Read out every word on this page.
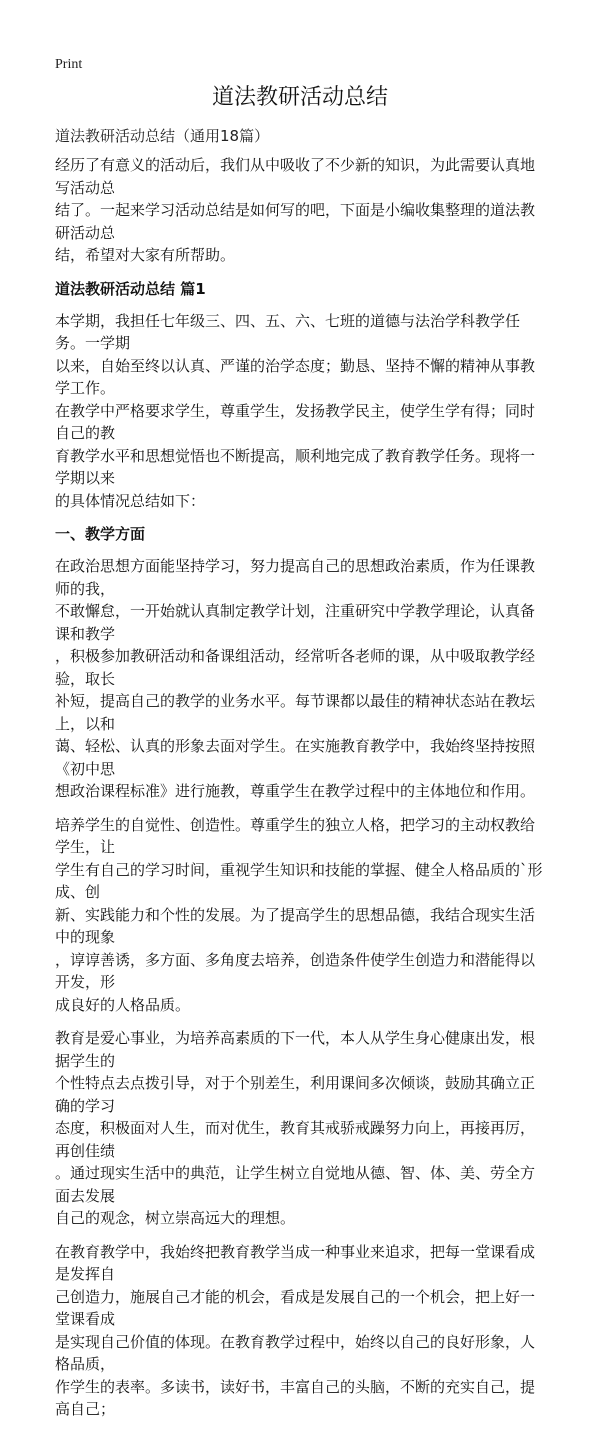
Print
道法教研活动总结
道法教研活动总结（通用18篇）
经历了有意义的活动后，我们从中吸收了不少新的知识，为此需要认真地写活动总
结了。一起来学习活动总结是如何写的吧，下面是小编收集整理的道法教研活动总
结，希望对大家有所帮助。
道法教研活动总结 篇1
本学期，我担任七年级三、四、五、六、七班的道德与法治学科教学任务。一学期
以来，自始至终以认真、严谨的治学态度；勤恳、坚持不懈的精神从事教学工作。
在教学中严格要求学生，尊重学生，发扬教学民主，使学生学有得；同时自己的教
育教学水平和思想觉悟也不断提高，顺利地完成了教育教学任务。现将一学期以来
的具体情况总结如下：
一、教学方面
在政治思想方面能坚持学习，努力提高自己的思想政治素质，作为任课教师的我，
不敢懈怠，一开始就认真制定教学计划，注重研究中学教学理论，认真备课和教学
，积极参加教研活动和备课组活动，经常听各老师的课，从中吸取教学经验，取长
补短，提高自己的教学的业务水平。每节课都以最佳的精神状态站在教坛上，以和
蔼、轻松、认真的形象去面对学生。在实施教育教学中，我始终坚持按照《初中思
想政治课程标准》进行施教，尊重学生在教学过程中的主体地位和作用。
培养学生的自觉性、创造性。尊重学生的独立人格，把学习的主动权教给学生，让
学生有自己的学习时间，重视学生知识和技能的掌握、健全人格品质的`形成、创
新、实践能力和个性的发展。为了提高学生的思想品德，我结合现实生活中的现象
，谆谆善诱，多方面、多角度去培养，创造条件使学生创造力和潜能得以开发，形
成良好的人格品质。
教育是爱心事业，为培养高素质的下一代，本人从学生身心健康出发，根据学生的
个性特点去点拨引导，对于个别差生，利用课间多次倾谈，鼓励其确立正确的学习
态度，积极面对人生，而对优生，教育其戒骄戒躁努力向上，再接再厉，再创佳绩
。通过现实生活中的典范，让学生树立自觉地从德、智、体、美、劳全方面去发展
自己的观念，树立崇高远大的理想。
在教育教学中，我始终把教育教学当成一种事业来追求，把每一堂课看成是发挥自
己创造力，施展自己才能的机会，看成是发展自己的一个机会，把上好一堂课看成
是实现自己价值的体现。在教育教学过程中，始终以自己的良好形象，人格品质，
作学生的表率。多读书，读好书，丰富自己的头脑，不断的充实自己，提高自己；
